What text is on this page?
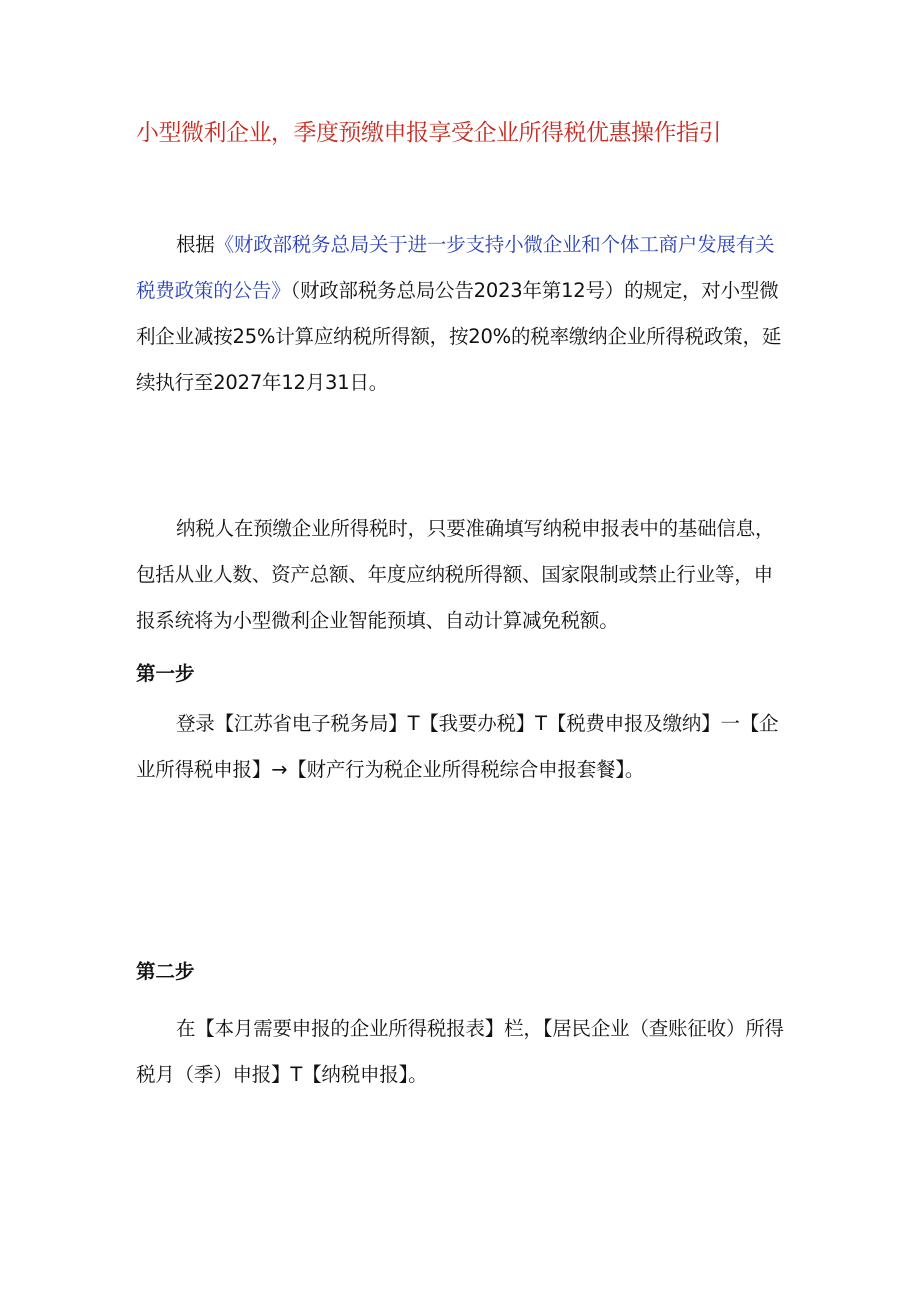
小型微利企业，季度预缴申报享受企业所得税优惠操作指引
根据《财政部税务总局关于进一步支持小微企业和个体工商户发展有关税费政策的公告》（财政部税务总局公告2023年第12号）的规定，对小型微利企业减按25%计算应纳税所得额，按20%的税率缴纳企业所得税政策，延续执行至2027年12月31日。
纳税人在预缴企业所得税时，只要准确填写纳税申报表中的基础信息，包括从业人数、资产总额、年度应纳税所得额、国家限制或禁止行业等，申报系统将为小型微利企业智能预填、自动计算减免税额。
第一步
登录【江苏省电子税务局】T【我要办税】T【税费申报及缴纳】一【企业所得税申报】→【财产行为税企业所得税综合申报套餐】。
第二步
在【本月需要申报的企业所得税报表】栏，【居民企业（查账征收）所得税月（季）申报】T【纳税申报】。
